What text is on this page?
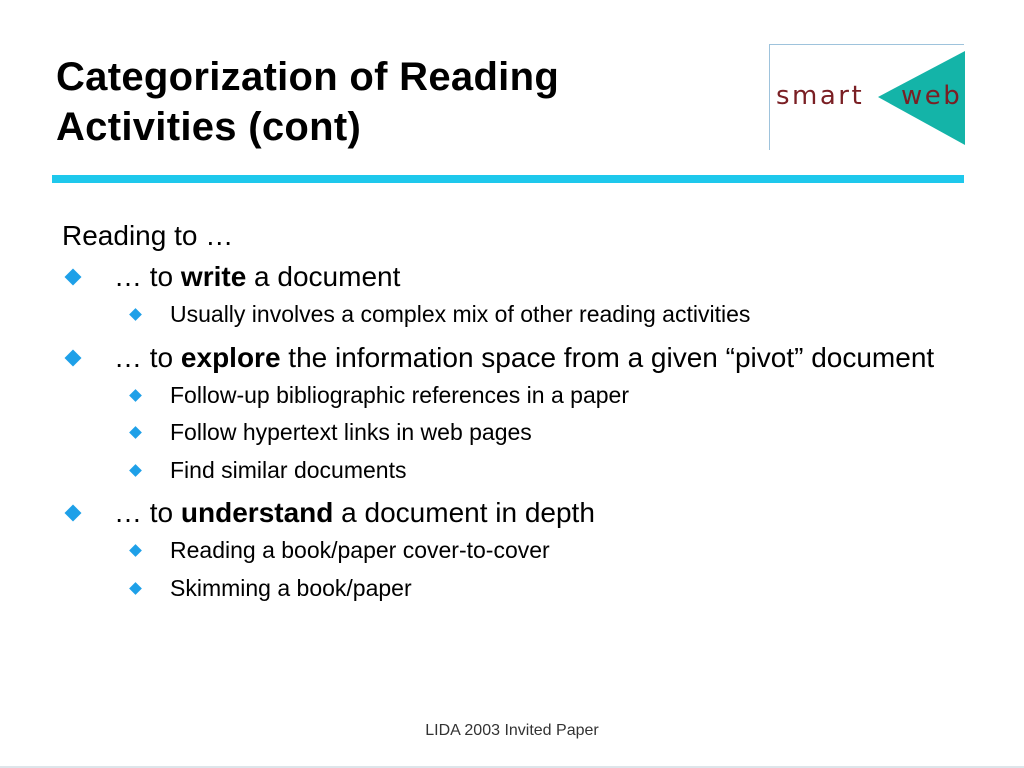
Categorization of Reading
Activities (cont)
smart web
Reading to …
… to write a document
Usually involves a complex mix of other reading activities
… to explore the information space from a given “pivot” document
Follow-up bibliographic references in a paper
Follow hypertext links in web pages
Find similar documents
… to understand a document in depth
Reading a book/paper cover-to-cover
Skimming a book/paper
LIDA 2003 Invited Paper
